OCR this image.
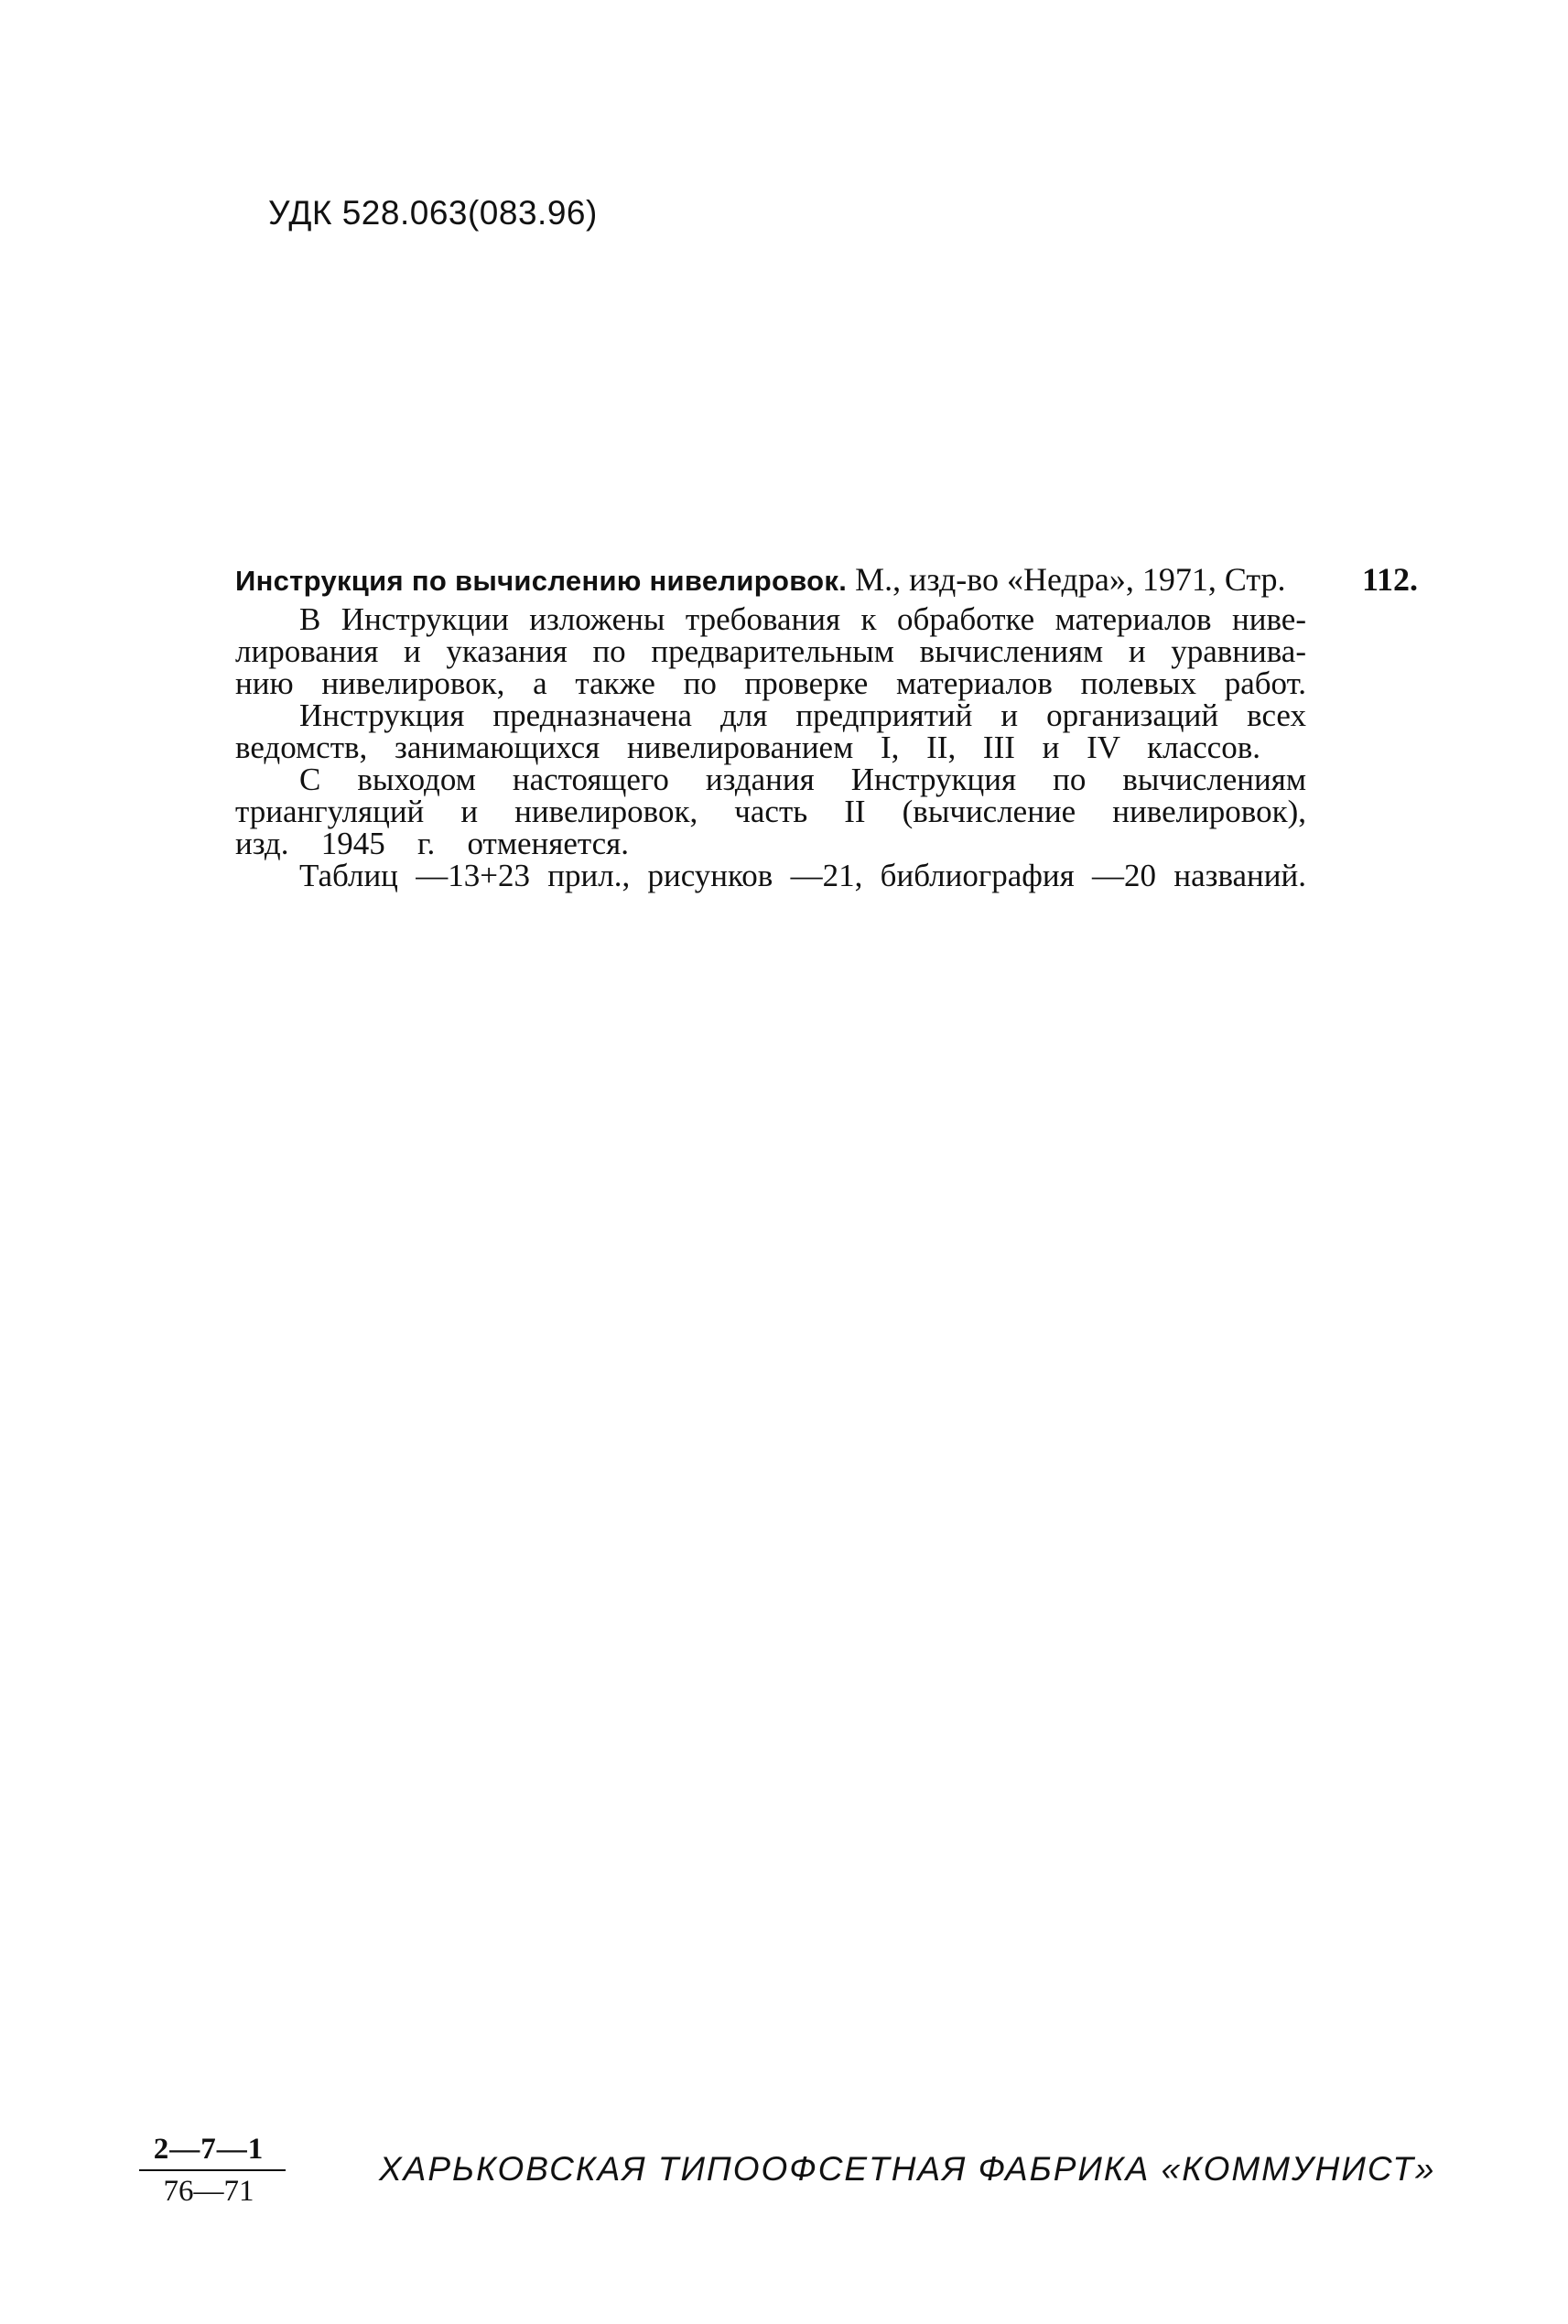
УДК 528.063(083.96)
Инструкция по вычислению нивелировок. М., изд-во «Недра», 1971, Стр. 112.
В Инструкции изложены требования к обработке материалов ниве-
лирования и указания по предварительным вычислениям и уравнива-
нию нивелировок, а также по проверке материалов полевых работ.
Инструкция предназначена для предприятий и организаций всех
ведомств, занимающихся нивелированием I, II, III и IV классов.
С выходом настоящего издания Инструкция по вычислениям
триангуляций и нивелировок, часть II (вычисление нивелировок),
изд. 1945 г. отменяется.
Таблиц —13+23 прил., рисунков —21, библиография —20 названий.
2—7—1
76—71
ХАРЬКОВСКАЯ ТИПООФСЕТНАЯ ФАБРИКА «КОММУНИСТ»
